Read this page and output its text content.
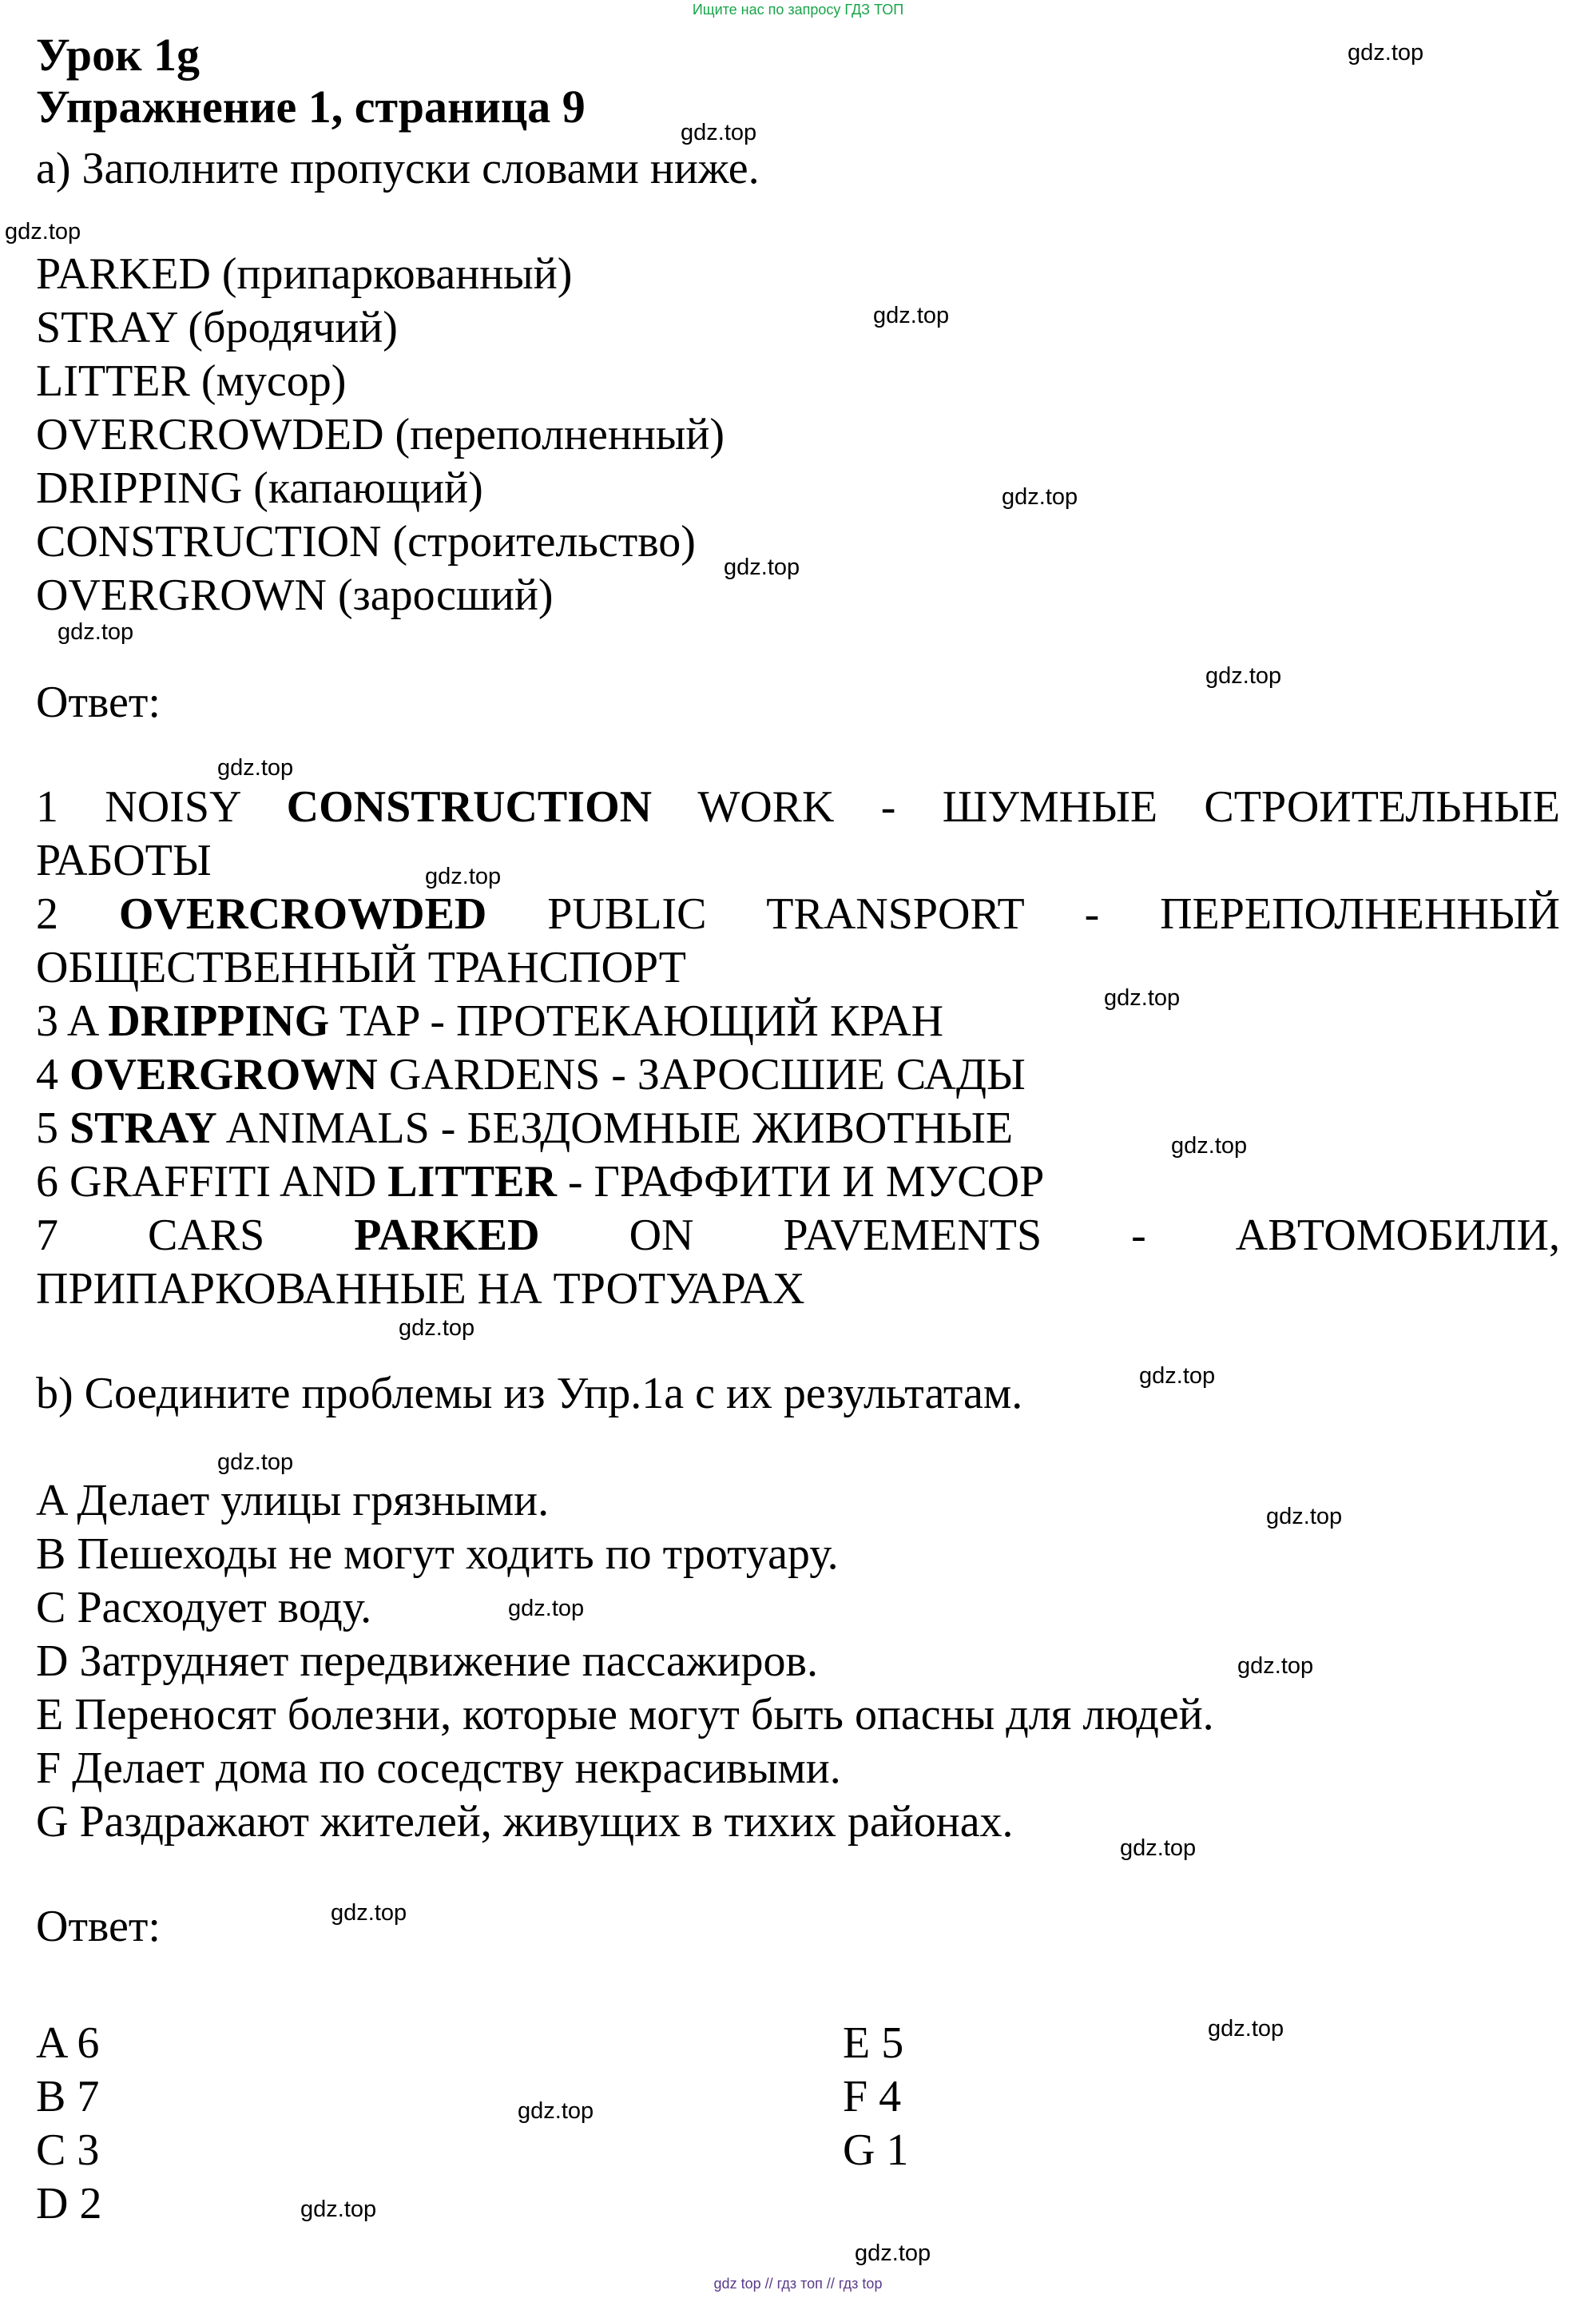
Ищите нас по запросу ГДЗ ТОП
Урок 1g
Упражнение 1, страница 9
a) Заполните пропуски словами ниже.
PARKED (припаркованный)
STRAY (бродячий)
LITTER (мусор)
OVERCROWDED (переполненный)
DRIPPING (капающий)
CONSTRUCTION (строительство)
OVERGROWN (заросший)
Ответ:
1 NOISY CONSTRUCTION WORK - ШУМНЫЕ СТРОИТЕЛЬНЫЕ
РАБОТЫ
2 OVERCROWDED PUBLIC TRANSPORT - ПЕРЕПОЛНЕННЫЙ
ОБЩЕСТВЕННЫЙ ТРАНСПОРТ
3 A DRIPPING TAP - ПРОТЕКАЮЩИЙ КРАН
4 OVERGROWN GARDENS - ЗАРОСШИЕ САДЫ
5 STRAY ANIMALS - БЕЗДОМНЫЕ ЖИВОТНЫЕ
6 GRAFFITI AND LITTER - ГРАФФИТИ И МУСОР
7 CARS PARKED ON PAVEMENTS - АВТОМОБИЛИ,
ПРИПАРКОВАННЫЕ НА ТРОТУАРАХ
b) Соедините проблемы из Упр.1a с их результатам.
A Делает улицы грязными.
B Пешеходы не могут ходить по тротуару.
C Расходует воду.
D Затрудняет передвижение пассажиров.
E Переносят болезни, которые могут быть опасны для людей.
F Делает дома по соседству некрасивыми.
G Раздражают жителей, живущих в тихих районах.
Ответ:
A 6
B 7
C 3
D 2
E 5
F 4
G 1
gdz.top
gdz.top
gdz.top
gdz.top
gdz.top
gdz.top
gdz.top
gdz.top
gdz.top
gdz.top
gdz.top
gdz.top
gdz.top
gdz.top
gdz.top
gdz.top
gdz.top
gdz.top
gdz.top
gdz.top
gdz.top
gdz.top
gdz.top
gdz.top
gdz top // гдз топ // гдз top
